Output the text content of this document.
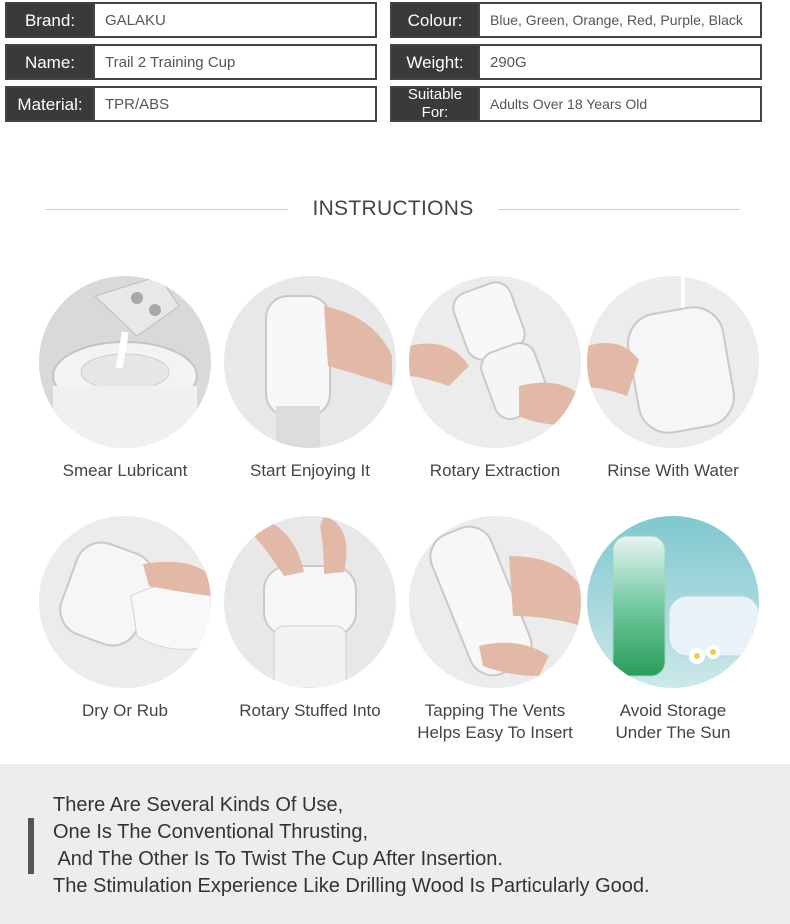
Brand:	GALAKU
Name:	Trail 2 Training Cup
Material:	TPR/ABS
Colour:	Blue, Green, Orange, Red, Purple, Black
Weight:	290G
Suitable
For:	Adults Over 18 Years Old
INSTRUCTIONS
Smear Lubricant	Start Enjoying It	Rotary Extraction	Rinse With Water
Dry Or Rub	Rotary Stuffed Into	Tapping The Vents
Helps Easy To Insert
Avoid Storage
Under The Sun
There Are Several Kinds Of Use,
One Is The Conventional Thrusting,
And The Other Is To Twist The Cup After Insertion.
The Stimulation Experience Like Drilling Wood Is Particularly Good.
